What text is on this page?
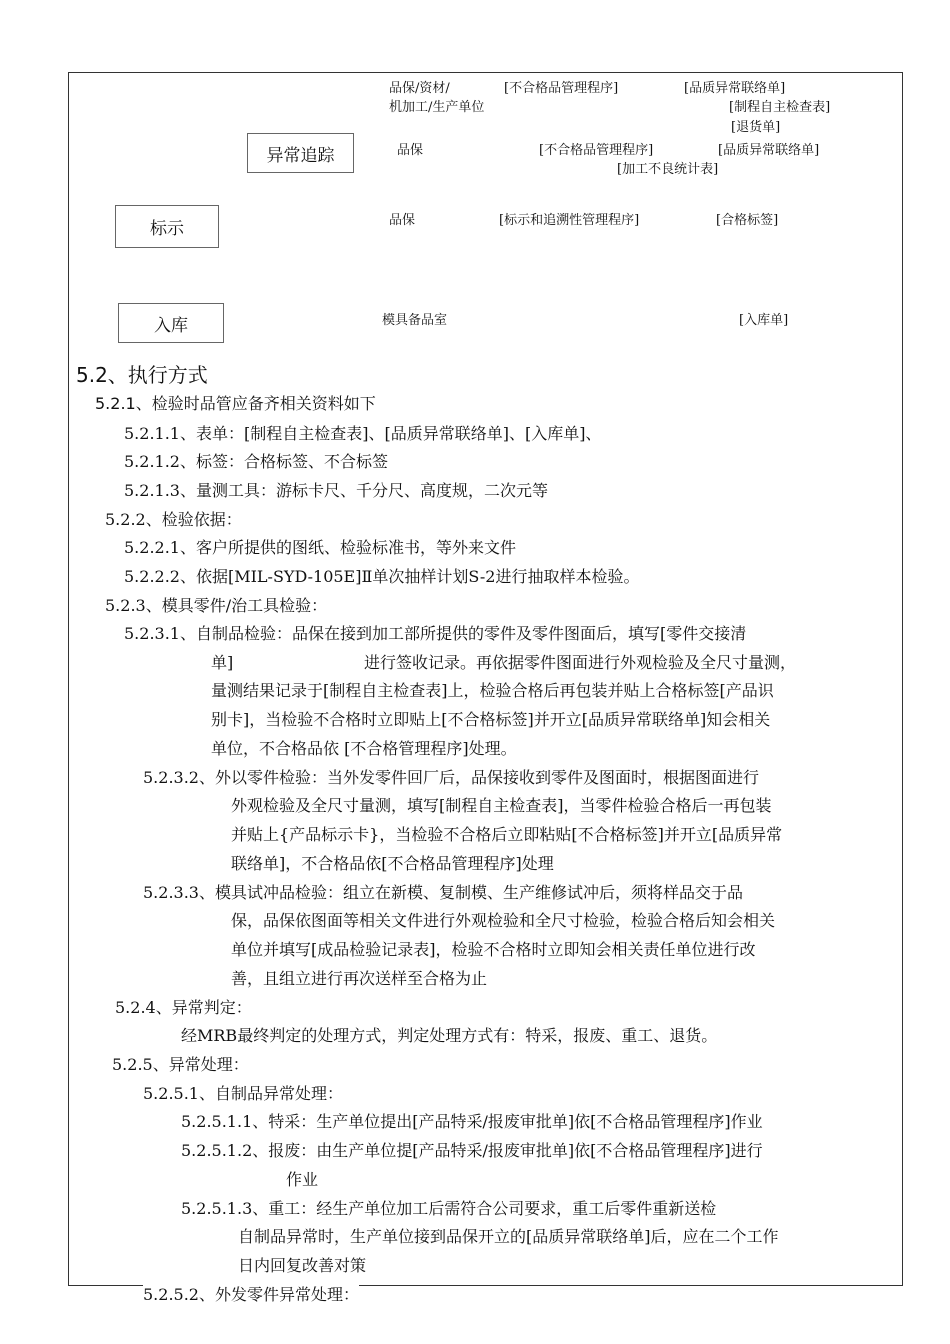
品保/资材/
机加工/生产单位
[不合格品管理程序]	[品质异常联络单]
[制程自主检查表]
[退货单]
异常追踪	品保	[不合格品管理程序]	[品质异常联络单]
[加工不良统计表]
标示	品保	[标示和追溯性管理程序]	[合格标签]
入库	模具备品室	[入库单]
5.2、执行方式
5.2.1、检验时品管应备齐相关资料如下
5.2.1.1、表单：[制程自主检查表]、[品质异常联络单]、[入库单]、
5.2.1.2、标签：合格标签、不合标签
5.2.1.3、量测工具：游标卡尺、千分尺、高度规，二次元等
5.2.2、检验依据：
5.2.2.1、客户所提供的图纸、检验标准书，等外来文件
5.2.2.2、依据[MIL-SYD-105E]Ⅱ单次抽样计划S-2进行抽取样本检验。
5.2.3、模具零件/治工具检验：
5.2.3.1、自制品检验：品保在接到加工部所提供的零件及零件图面后，填写[零件交接清
单]	进行签收记录。再依据零件图面进行外观检验及全尺寸量测，
量测结果记录于[制程自主检查表]上，检验合格后再包装并贴上合格标签[产品识
别卡]，当检验不合格时立即贴上[不合格标签]并开立[品质异常联络单]知会相关
单位，不合格品依 [不合格管理程序]处理。
5.2.3.2、外以零件检验：当外发零件回厂后，品保接收到零件及图面时，根据图面进行
外观检验及全尺寸量测，填写[制程自主检查表]，当零件检验合格后一再包装
并贴上{产品标示卡}，当检验不合格后立即粘贴[不合格标签]并开立[品质异常
联络单]，不合格品依[不合格品管理程序]处理
5.2.3.3、模具试冲品检验：组立在新模、复制模、生产维修试冲后，须将样品交于品
保，品保依图面等相关文件进行外观检验和全尺寸检验，检验合格后知会相关
单位并填写[成品检验记录表]，检验不合格时立即知会相关责任单位进行改
善，且组立进行再次送样至合格为止
5.2.4、异常判定：
经MRB最终判定的处理方式，判定处理方式有：特采，报废、重工、退货。
5.2.5、异常处理：
5.2.5.1、自制品异常处理：
5.2.5.1.1、特采：生产单位提出[产品特采/报废审批单]依[不合格品管理程序]作业
5.2.5.1.2、报废：由生产单位提[产品特采/报废审批单]依[不合格品管理程序]进行
作业
5.2.5.1.3、重工：经生产单位加工后需符合公司要求，重工后零件重新送检
自制品异常时，生产单位接到品保开立的[品质异常联络单]后，应在二个工作
日内回复改善对策
5.2.5.2、外发零件异常处理：
